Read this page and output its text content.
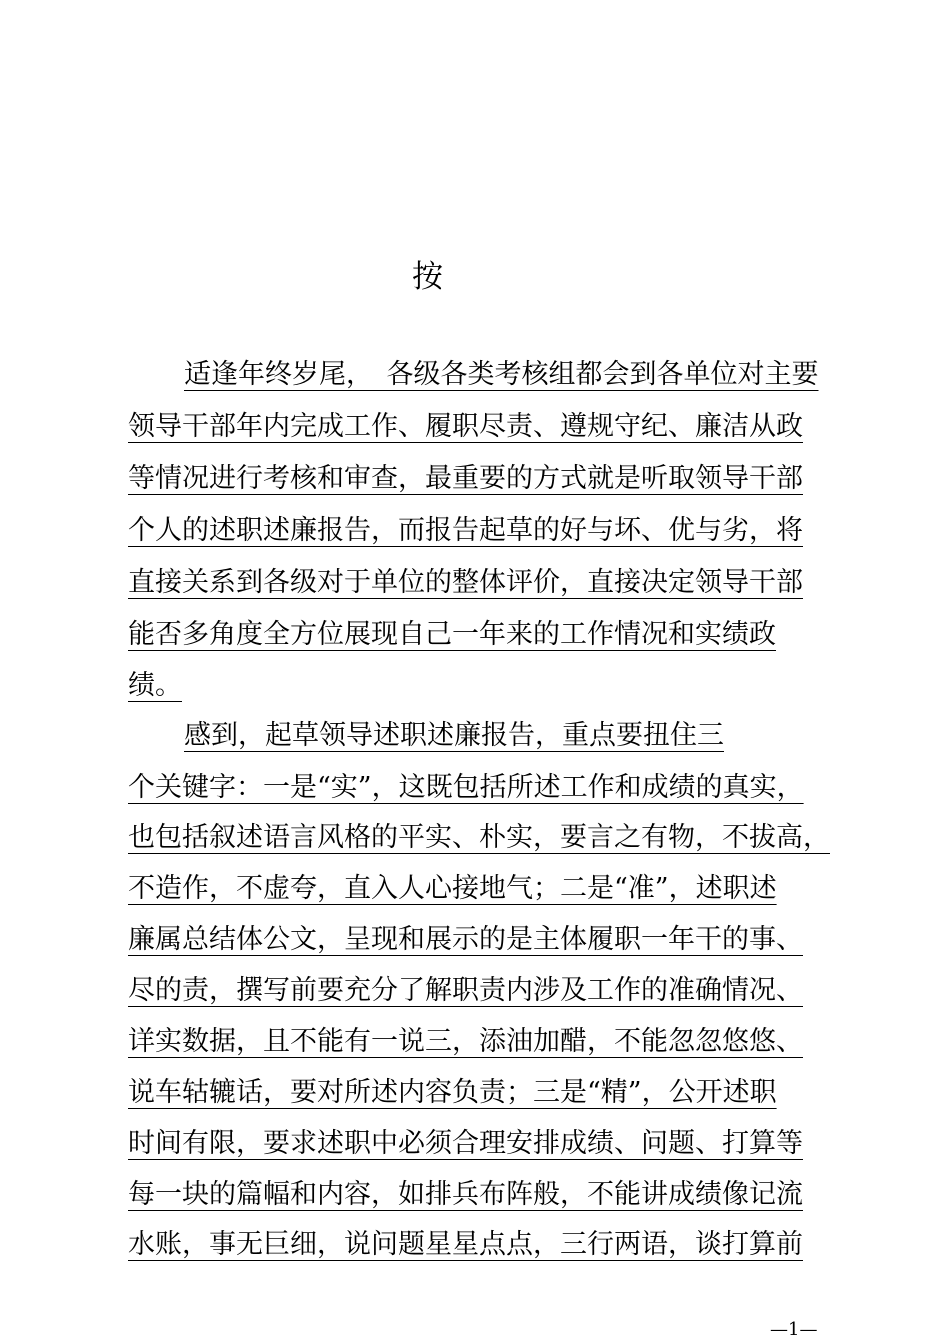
按
适逢年终岁尾，　各级各类考核组都会到各单位对主要
领导干部年内完成工作、履职尽责、遵规守纪、廉洁从政
等情况进行考核和审查，最重要的方式就是听取领导干部
个人的述职述廉报告，而报告起草的好与坏、优与劣，将
直接关系到各级对于单位的整体评价，直接决定领导干部
能否多角度全方位展现自己一年来的工作情况和实绩政
绩。
感到，起草领导述职述廉报告，重点要扭住三
个关键字：一是“实”，这既包括所述工作和成绩的真实，
也包括叙述语言风格的平实、朴实，要言之有物，不拔高，
不造作，不虚夸，直入人心接地气；二是“准”，述职述
廉属总结体公文，呈现和展示的是主体履职一年干的事、
尽的责，撰写前要充分了解职责内涉及工作的准确情况、
详实数据，且不能有一说三，添油加醋，不能忽忽悠悠、
说车轱辘话，要对所述内容负责；三是“精”，公开述职
时间有限，要求述职中必须合理安排成绩、问题、打算等
每一块的篇幅和内容，如排兵布阵般，不能讲成绩像记流
水账，事无巨细，说问题星星点点，三行两语，谈打算前
—1—
